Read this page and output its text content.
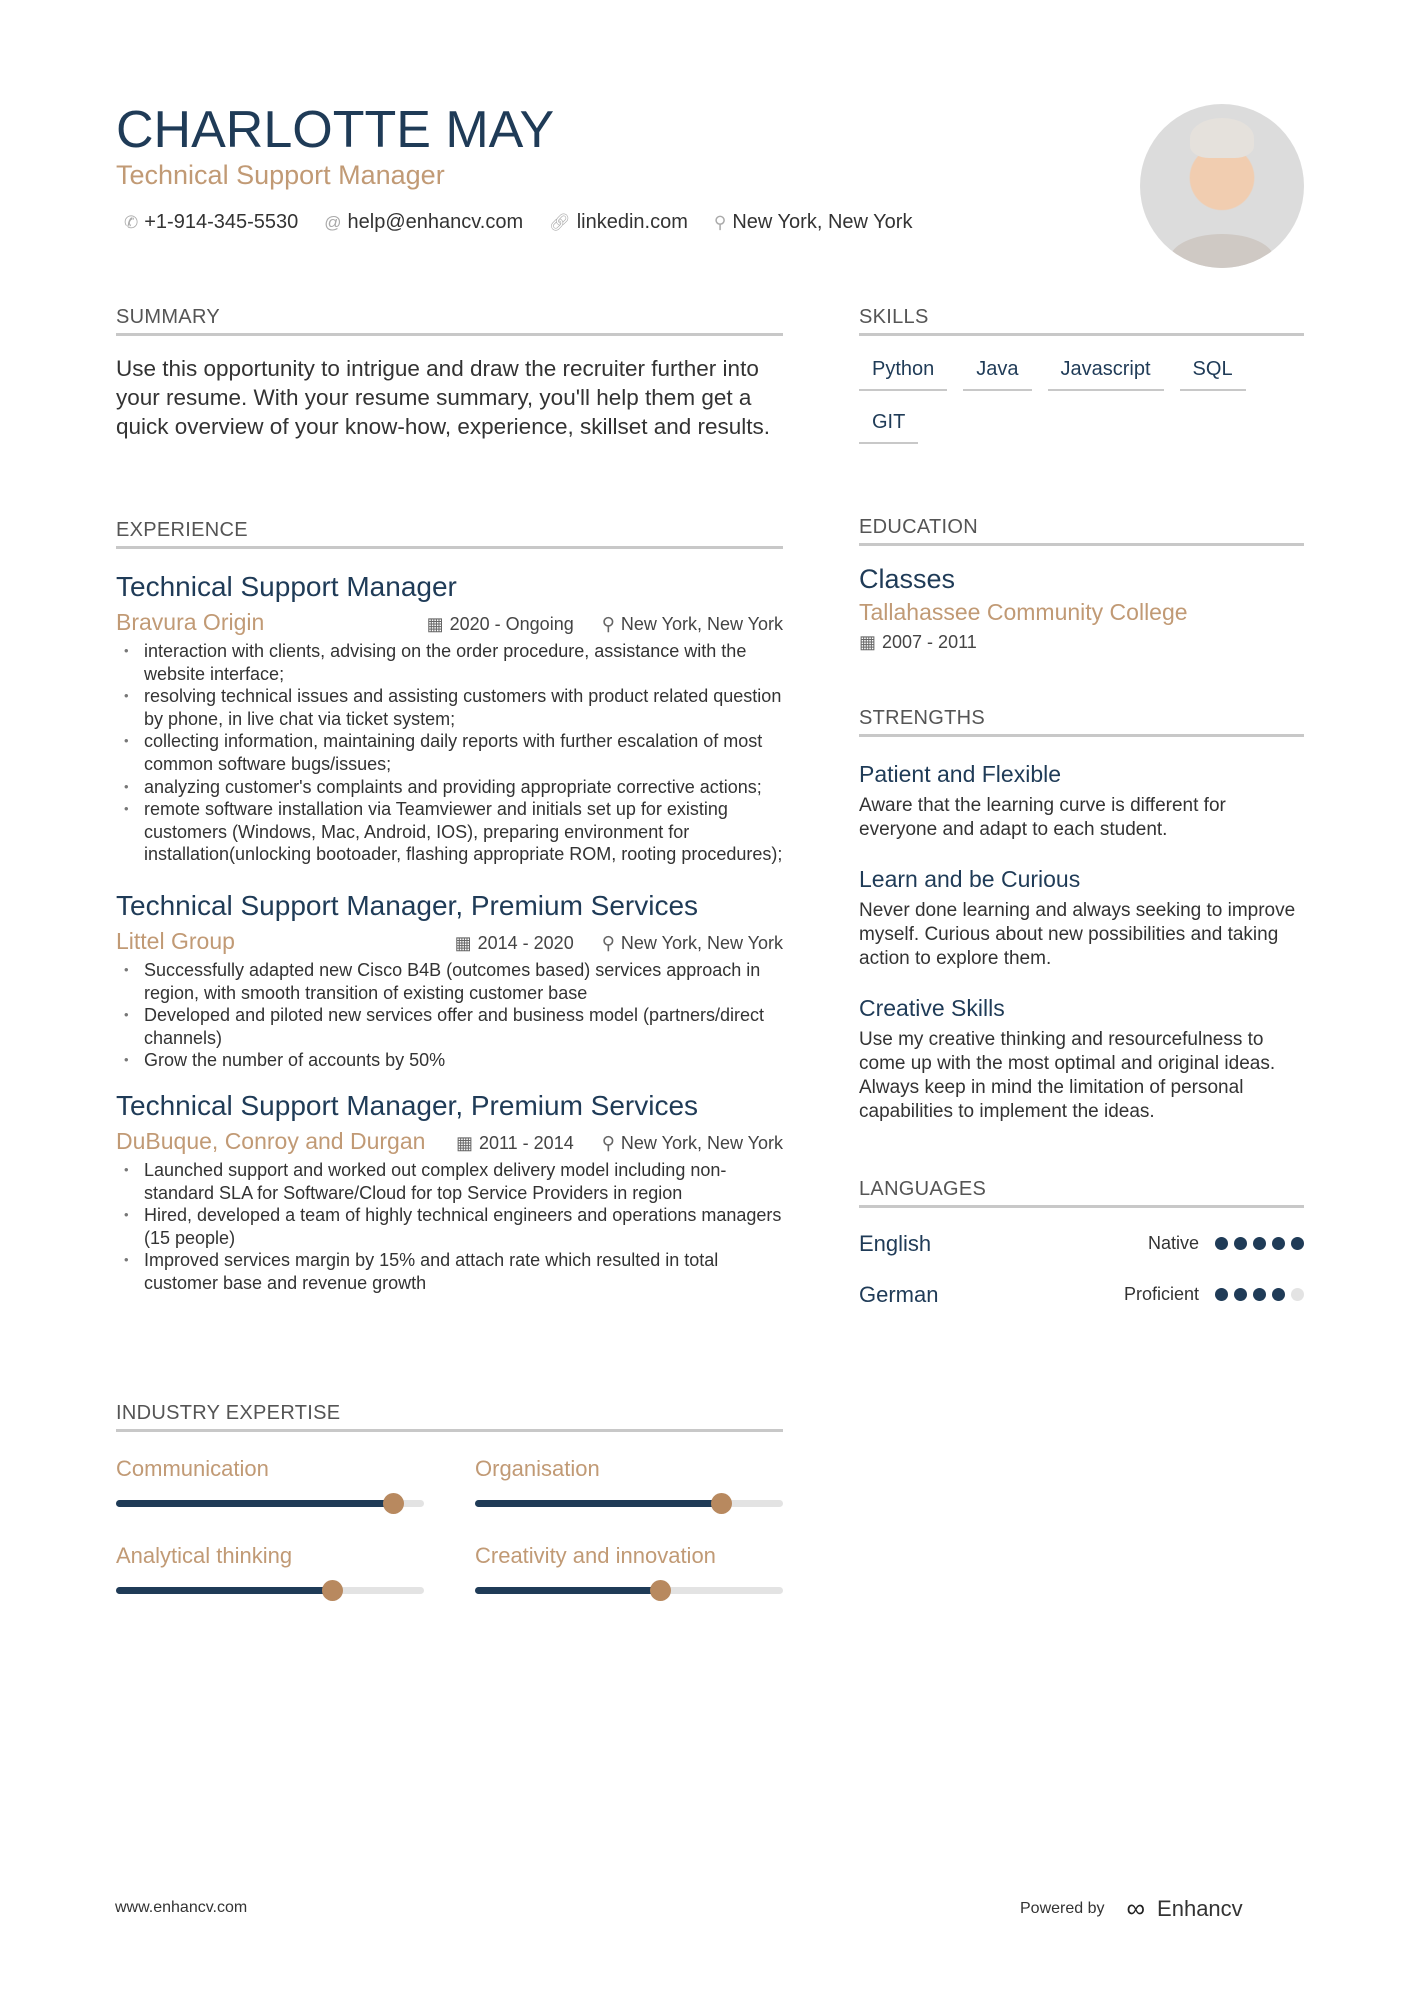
CHARLOTTE MAY
Technical Support Manager
✆ +1-914-345-5530 @ help@enhancv.com 🔗︎ linkedin.com ⚲ New York, New York
SUMMARY

Use this opportunity to intrigue and draw the recruiter further into your resume. With your resume summary, you'll help them get a quick overview of your know-how, experience, skillset and results.

EXPERIENCE
Technical Support Manager
Bravura Origin	▦ 2020 - Ongoing ⚲ New York, New York
• interaction with clients, advising on the order procedure, assistance with the website interface;
• resolving technical issues and assisting customers with product related question by phone, in live chat via ticket system;
• collecting information, maintaining daily reports with further escalation of most common software bugs/issues;
• analyzing customer's complaints and providing appropriate corrective actions;
• remote software installation via Teamviewer and initials set up for existing customers (Windows, Mac, Android, IOS), preparing environment for installation(unlocking bootoader, flashing appropriate ROM, rooting procedures);
Technical Support Manager, Premium Services
Littel Group	▦ 2014 - 2020 ⚲ New York, New York
• Successfully adapted new Cisco B4B (outcomes based) services approach in region, with smooth transition of existing customer base
• Developed and piloted new services offer and business model (partners/direct channels)
• Grow the number of accounts by 50%
Technical Support Manager, Premium Services
DuBuque, Conroy and Durgan ▦ 2011 - 2014 ⚲ New York, New York
• Launched support and worked out complex delivery model including non-standard SLA for Software/Cloud for top Service Providers in region
• Hired, developed a team of highly technical engineers and operations managers (15 people)
• Improved services margin by 15% and attach rate which resulted in total customer base and revenue growth
INDUSTRY EXPERTISE
Communication	Organisation
Analytical thinking	Creativity and innovation
SKILLS
Python	Java	Javascript	SQL
GIT
EDUCATION
Classes
Tallahassee Community College
▦ 2007 - 2011
STRENGTHS
Patient and Flexible
Aware that the learning curve is different for everyone and adapt to each student.
Learn and be Curious
Never done learning and always seeking to improve myself. Curious about new possibilities and taking action to explore them.
Creative Skills
Use my creative thinking and resourcefulness to come up with the most optimal and original ideas. Always keep in mind the limitation of personal capabilities to implement the ideas.
LANGUAGES
English	Native
German	Proficient
www.enhancv.com	Powered by ∞ Enhancv
